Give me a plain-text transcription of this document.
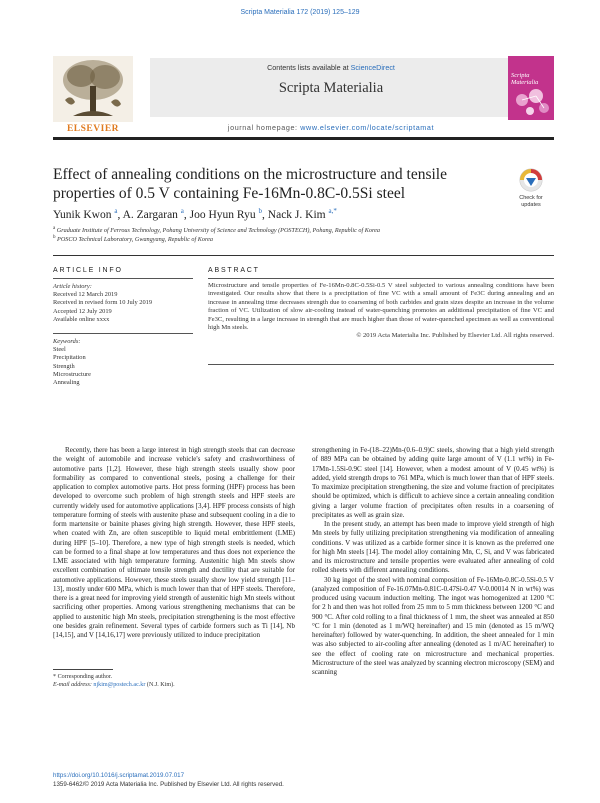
Scripta Materialia 172 (2019) 125–129
ELSEVIER
Contents lists available at ScienceDirect
Scripta Materialia
Scripta Materialia
journal homepage: www.elsevier.com/locate/scriptamat
Effect of annealing conditions on the microstructure and tensile properties of 0.5 V containing Fe-16Mn-0.8C-0.5Si steel	Check for
updates
Yunik Kwon $^a$, A. Zargaran $^a$, Joo Hyun Ryu $^b$, Nack J. Kim $^{a,*}$
$^a$ Graduate Institute of Ferrous Technology, Pohang University of Science and Technology (POSTECH), Pohang, Republic of Korea
$^b$ POSCO Technical Laboratory, Gwangyang, Republic of Korea
ARTICLE INFO
Article history:
Received 12 March 2019
Received in revised form 10 July 2019
Accepted 12 July 2019
Available online xxxx
Keywords:
Steel
Precipitation
Strength
Microstructure
Annealing
ABSTRACT
Microstructure and tensile properties of Fe-16Mn-0.8C-0.5Si-0.5 V steel subjected to various annealing conditions have been investigated. Our results show that there is a precipitation of fine VC with a small amount of Fe3C during annealing and an increase in annealing time decreases strength due to coarsening of both carbides and grain sizes despite an increase in the volume fraction of VC. Utilization of slow air-cooling instead of water-quenching promotes an additional precipitation of fine VC and Fe3C, resulting in a large increase in strength that are much higher than those of water-quenched specimen as well as conventional high Mn steels.
© 2019 Acta Materialia Inc. Published by Elsevier Ltd. All rights reserved.

Recently, there has been a large interest in high strength steels that can decrease the weight of automobile and increase vehicle's safety and crashworthiness of automotive parts [1,2]. However, these high strength steels usually show poor formability as compared to conventional steels, posing a challenge for their application to complex automotive parts. Hot press forming (HPF) process has been developed to overcome such problem of high strength steels and HPF steels are currently widely used for automotive applications [3,4]. HPF process consists of high temperature forming of steels with austenite phase and subsequent cooling in a die to form martensite or bainite phases giving high strength. However, these HPF steels, when coated with Zn, are often susceptible to liquid metal embrittlement (LME) during HPF [5–10]. Therefore, a new type of high strength steels is needed, which can be formed to a final shape at low temperatures and thus does not experience the LME associated with high temperature forming. Austenitic high Mn steels show excellent combination of ultimate tensile strength and ductility that are suitable for automotive applications. However, these steels usually show low yield strength [11–13], mostly under 600 MPa, which is much lower than that of HPF steels. Therefore, there is a great need for improving yield strength of austenitic high Mn steels without sacrificing other properties. Among various strengthening mechanisms that can be applied to austenitic high Mn steels, precipitation strengthening is the most effective one besides grain refinement. Several types of carbide formers such as Ti [14], Nb [14,15], and V [14,16,17] were previously utilized to induce precipitation

strengthening in Fe-(18–22)Mn-(0.6–0.9)C steels, showing that a high yield strength of 889 MPa can be obtained by adding quite large amount of V (1.1 wt%) in Fe-17Mn-1.5Si-0.9C steel [14]. However, when a modest amount of V (0.45 wt%) is added, yield strength drops to 761 MPa, which is much lower than that of HPF steels. To maximize precipitation strengthening, the size and volume fraction of precipitates should be optimized, which is difficult to achieve since a certain annealing condition giving a larger volume fraction of precipitates often results in a coarsening of precipitates as well as grain size.

In the present study, an attempt has been made to improve yield strength of high Mn steels by fully utilizing precipitation strengthening via modification of annealing conditions. V was utilized as a carbide former since it is known as the preferred one for high Mn steels [14]. The model alloy containing Mn, C, Si, and V was fabricated and its microstructure and tensile properties were evaluated after annealing of cold rolled sheets with different annealing conditions.

30 kg ingot of the steel with nominal composition of Fe-16Mn-0.8C-0.5Si-0.5 V (analyzed composition of Fe-16.07Mn-0.81C-0.47Si-0.47 V-0.00014 N in wt%) was produced using vacuum induction melting. The ingot was homogenized at 1200 °C for 2 h and then was hot rolled from 25 mm to 5 mm thickness between 1200 °C and 900 °C. After cold rolling to a final thickness of 1 mm, the sheet was annealed at 850 °C for 1 min (denoted as 1 m/WQ hereinafter) and 15 min (denoted as 15 m/WQ hereinafter) followed by water-quenching. In addition, the sheet annealed for 1 min was also subjected to air-cooling after annealing (denoted as 1 m/AC hereinafter) to see the effect of cooling rate on microstructure and mechanical properties. Microstructure of the steel was analyzed by scanning electron microscopy (SEM) and scanning

* Corresponding author.
E-mail address: njkim@postech.ac.kr (N.J. Kim).
https://doi.org/10.1016/j.scriptamat.2019.07.017
1359-6462/© 2019 Acta Materialia Inc. Published by Elsevier Ltd. All rights reserved.
